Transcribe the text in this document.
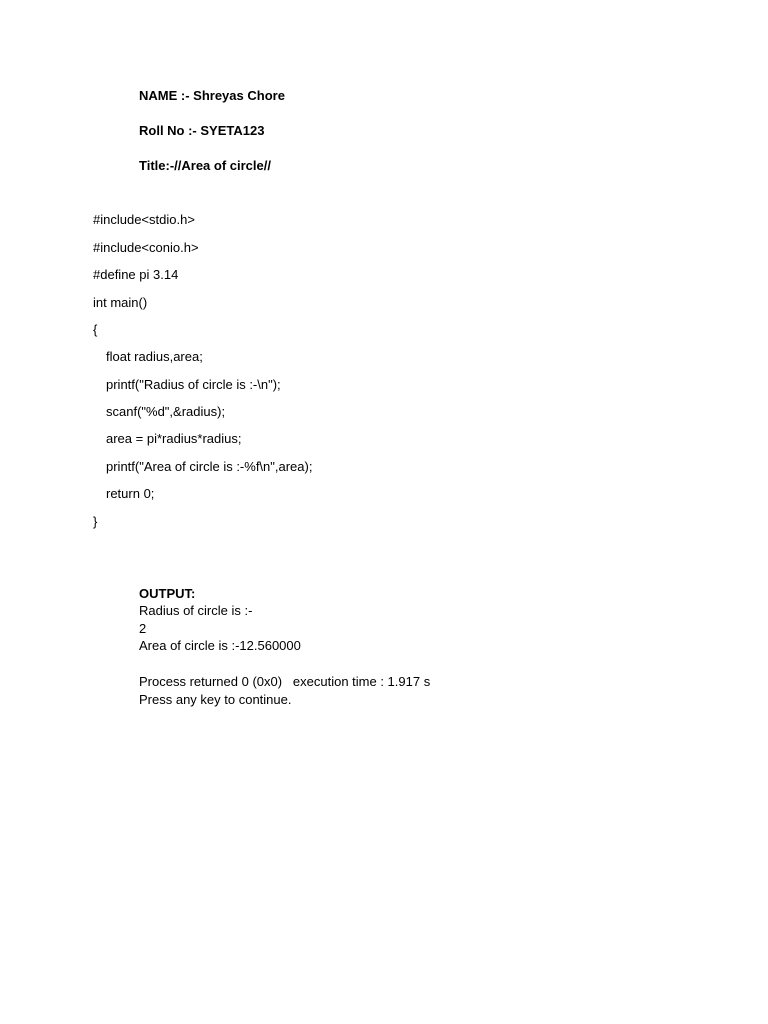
NAME :- Shreyas Chore
Roll No :- SYETA123
Title:-//Area of circle//
#include<stdio.h>
#include<conio.h>
#define pi 3.14
int main()
{
float radius,area;
printf("Radius of circle is :-\n");
scanf("%d",&radius);
area = pi*radius*radius;
printf("Area of circle is :-%f\n",area);
return 0;
}
OUTPUT:
Radius of circle is :-
2
Area of circle is :-12.560000
Process returned 0 (0x0)   execution time : 1.917 s
Press any key to continue.
